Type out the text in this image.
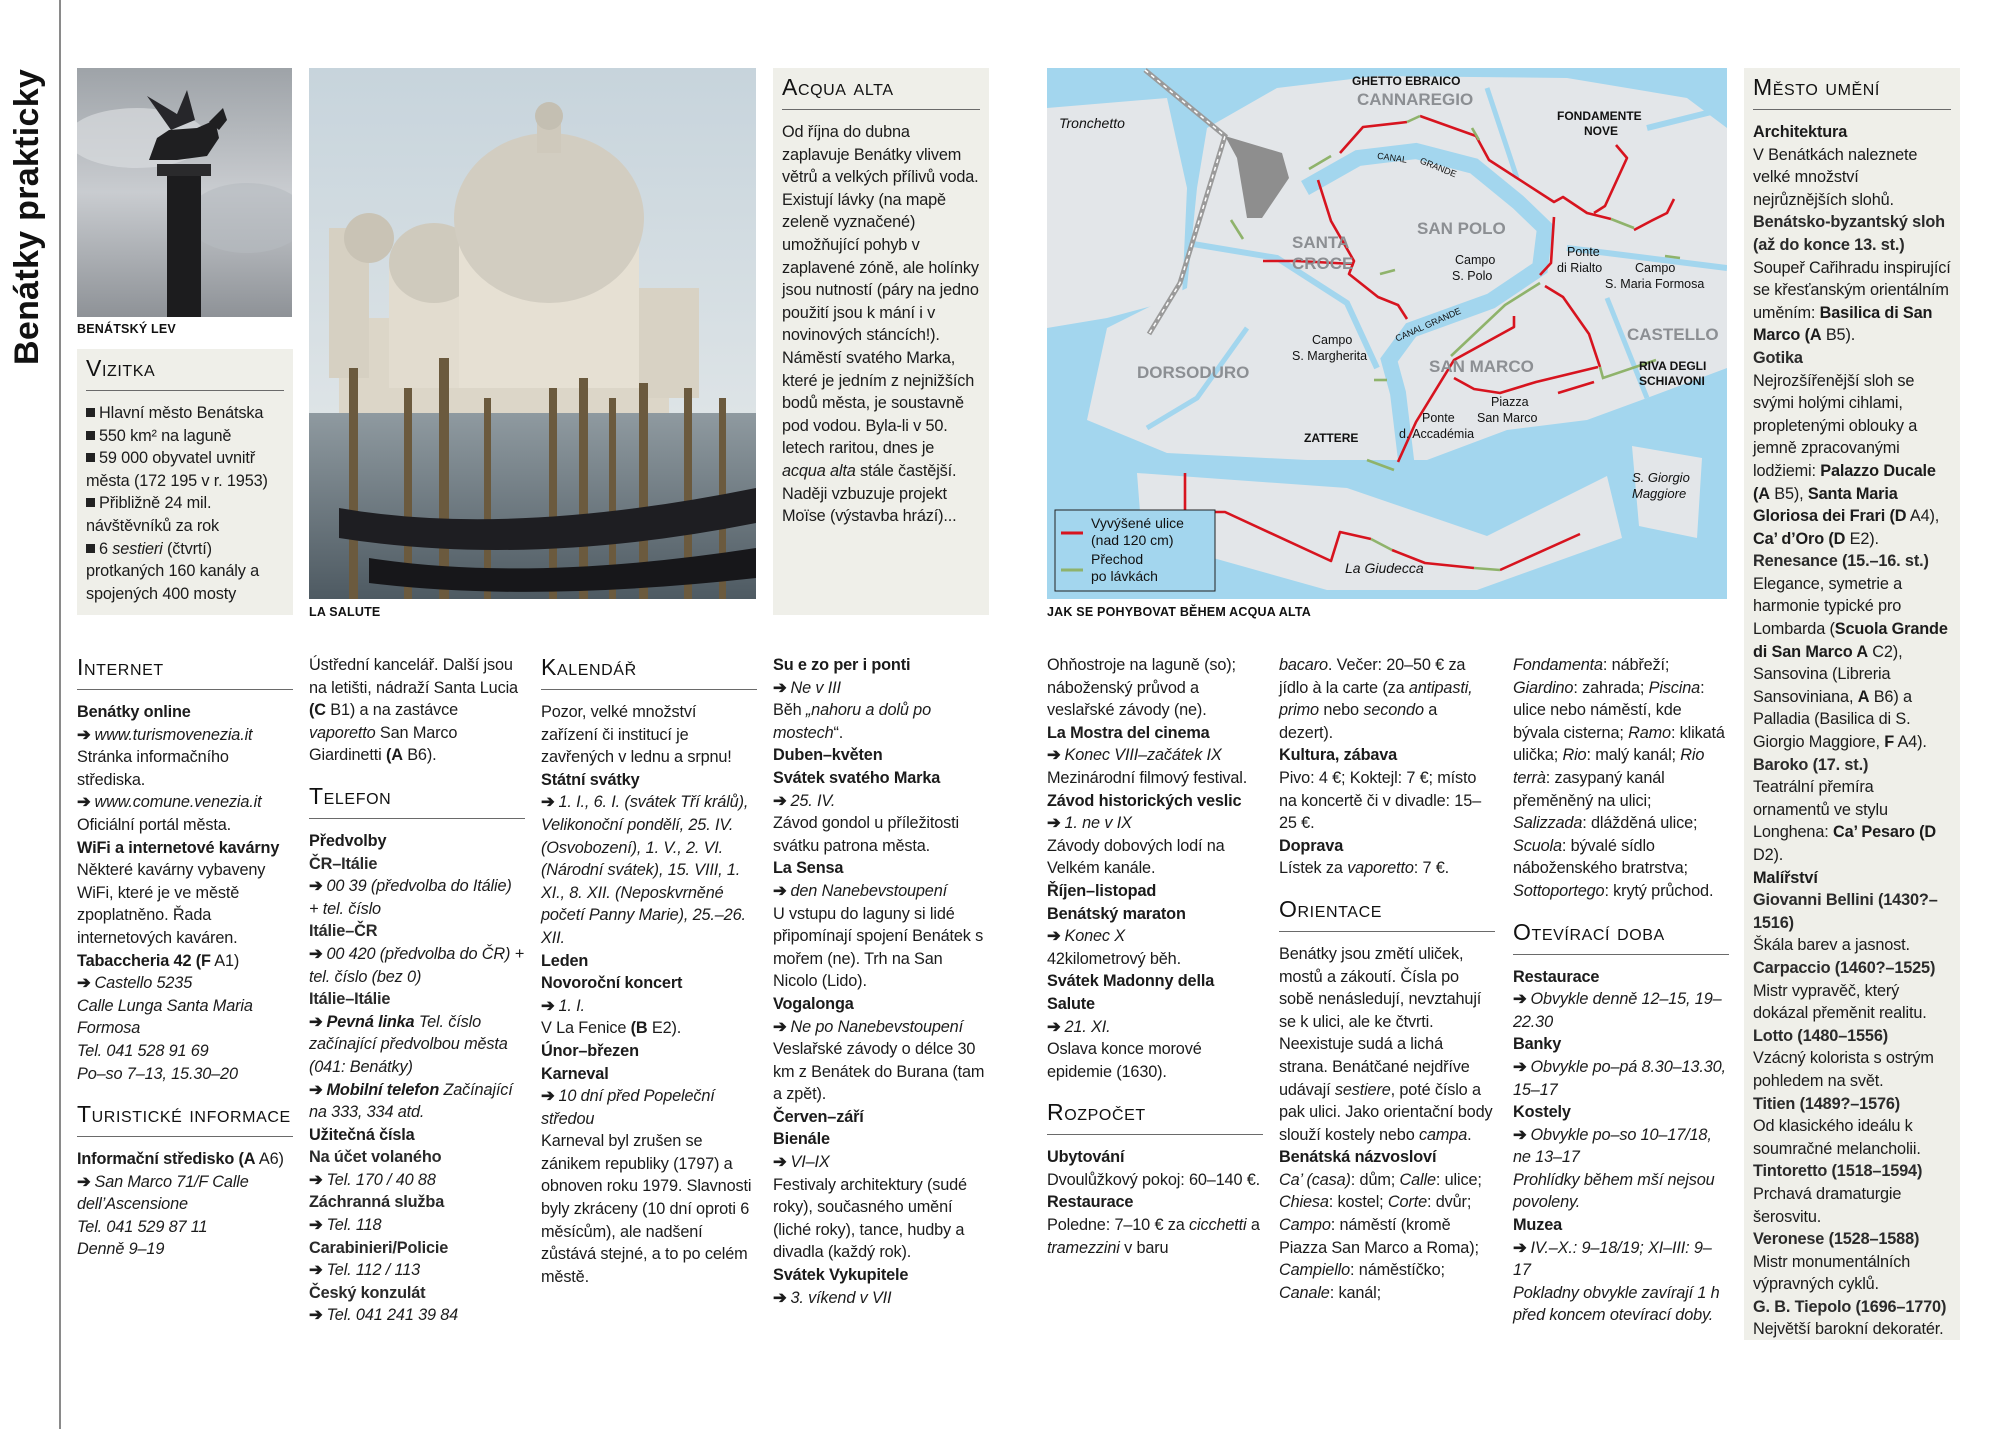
Benátky prakticky BENÁTSKÝ LEV
Vizitka
Hlavní město Benátska
550 km² na laguně
59 000 obyvatel uvnitř města (172 195 v r. 1953)
Přibližně 24 mil. návštěvníků za rok
6 sestieri (čtvrtí) protkaných 160 kanály a spojených 400 mosty
LA SALUTE
Acqua alta
Od října do dubna zaplavuje Benátky vlivem větrů a velkých přílivů voda.
Existují lávky (na mapě zeleně vyznačené) umožňující pohyb v zaplavené zóně, ale holínky jsou nutností (páry na jedno použití jsou k mání i v novinových stáncích!).
Náměstí svatého Marka, které je jedním z nejnižších bodů města, je soustavně pod vodou. Byla-li v 50. letech raritou, dnes je acqua alta stále častější. Naději vzbuzuje projekt Moïse (výstavba hrází)...
GHETTO EBRAICO
CANNAREGIO
Tronchetto	FONDAMENTE
NOVE
CANAL GRANDE
SAN POLO
SANTA
CROCE	Campo
S. Polo
Ponte
di Rialto	Campo
S. Maria Formosa
CANAL GRANDE	CASTELLO
Campo
S. Margherita
DORSODURO	SAN MARCO	RIVA DEGLI
SCHIAVONI
Piazza
San Marco
Ponte
d. Accadémia
ZATTERE
S. Giorgio
Maggiore
La Giudecca
Vyvýšené ulice
(nad 120 cm)
Přechod
po lávkách
JAK SE POHYBOVAT BĚHEM ACQUA ALTA
Město umění
Architektura
V Benátkách naleznete velké množství nejrůznějších slohů.
Benátsko-byzantský sloh (až do konce 13. st.)
Soupeř Cařihradu inspirující se křesťanským orientálním uměním: Basilica di San Marco (A B5).
Gotika
Nejrozšířenější sloh se svými holými cihlami, propletenými oblouky a jemně zpracovanými lodžiemi: Palazzo Ducale (A B5), Santa Maria Gloriosa dei Frari (D A4), Ca’ d’Oro (D E2).
Renesance (15.–16. st.)
Elegance, symetrie a harmonie typické pro Lombarda (Scuola Grande di San Marco A C2), Sansovina (Libreria Sansoviniana, A B6) a Palladia (Basilica di S. Giorgio Maggiore, F A4).
Baroko (17. st.)
Teatrální přemíra ornamentů ve stylu Longhena: Ca’ Pesaro (D D2).
Malířství
Giovanni Bellini (1430?–1516)
Škála barev a jasnost.
Carpaccio (1460?–1525)
Mistr vypravěč, který dokázal přeměnit realitu.
Lotto (1480–1556)
Vzácný kolorista s ostrým pohledem na svět.
Titien (1489?–1576)
Od klasického ideálu k soumračné melancholii.
Tintoretto (1518–1594)
Prchavá dramaturgie šerosvitu.
Veronese (1528–1588)
Mistr monumentálních výpravných cyklů.
G. B. Tiepolo (1696–1770)
Největší barokní dekoratér.
Internet
Benátky online
➔ www.turismovenezia.it
Stránka informačního střediska.
➔ www.comune.venezia.it
Oficiální portál města.
WiFi a internetové kavárny
Některé kavárny vybaveny WiFi, které je ve městě zpoplatněno. Řada internetových kaváren.
Tabaccheria 42 (F A1)
➔ Castello 5235
Calle Lunga Santa Maria Formosa
Tel. 041 528 91 69
Po–so 7–13, 15.30–20
Turistické informace
Informační středisko (A A6)
➔ San Marco 71/F Calle dell’Ascensione
Tel. 041 529 87 11
Denně 9–19
Ústřední kancelář. Další jsou na letišti, nádraží Santa Lucia (C B1) a na zastávce vaporetto San Marco Giardinetti (A B6).
Telefon
Předvolby
ČR–Itálie
➔ 00 39 (předvolba do Itálie) + tel. číslo
Itálie–ČR
➔ 00 420 (předvolba do ČR) + tel. číslo (bez 0)
Itálie–Itálie
➔ Pevná linka Tel. číslo začínající předvolbou města (041: Benátky)
➔ Mobilní telefon Začínající na 333, 334 atd.
Užitečná čísla
Na účet volaného
➔ Tel. 170 / 40 88
Záchranná služba
➔ Tel. 118
Carabinieri/Policie
➔ Tel. 112 / 113
Český konzulát
➔ Tel. 041 241 39 84
Kalendář
Pozor, velké množství zařízení či institucí je zavřených v lednu a srpnu!
Státní svátky
➔ 1. I., 6. I. (svátek Tří králů), Velikonoční pondělí, 25. IV. (Osvobození), 1. V., 2. VI. (Národní svátek), 15. VIII, 1. XI., 8. XII. (Neposkvrněné početí Panny Marie), 25.–26. XII.
Leden
Novoroční koncert
➔ 1. I.
V La Fenice (B E2).
Únor–březen
Karneval
➔ 10 dní před Popeleční středou
Karneval byl zrušen se zánikem republiky (1797) a obnoven roku 1979. Slavnosti byly zkráceny (10 dní oproti 6 měsícům), ale nadšení zůstává stejné, a to po celém městě.
Su e zo per i ponti
➔ Ne v III
Běh „nahoru a dolů po mostech“.
Duben–květen
Svátek svatého Marka
➔ 25. IV.
Závod gondol u příležitosti svátku patrona města.
La Sensa
➔ den Nanebevstoupení
U vstupu do laguny si lidé připomínají spojení Benátek s mořem (ne). Trh na San Nicolo (Lido).
Vogalonga
➔ Ne po Nanebevstoupení
Veslařské závody o délce 30 km z Benátek do Burana (tam a zpět).
Červen–září
Bienále
➔ VI–IX
Festivaly architektury (sudé roky), současného umění (liché roky), tance, hudby a divadla (každý rok).
Svátek Vykupitele
➔ 3. víkend v VII
Ohňostroje na laguně (so); náboženský průvod a veslařské závody (ne).
La Mostra del cinema
➔ Konec VIII–začátek IX
Mezinárodní filmový festival.
Závod historických veslic
➔ 1. ne v IX
Závody dobových lodí na Velkém kanále.
Říjen–listopad
Benátský maraton
➔ Konec X
42kilometrový běh.
Svátek Madonny della Salute
➔ 21. XI.
Oslava konce morové epidemie (1630).
Rozpočet
Ubytování
Dvoulůžkový pokoj: 60–140 €.
Restaurace
Poledne: 7–10 € za cicchetti a tramezzini v baru
bacaro. Večer: 20–50 € za jídlo à la carte (za antipasti, primo nebo secondo a dezert).
Kultura, zábava
Pivo: 4 €; Koktejl: 7 €; místo na koncertě či v divadle: 15–25 €.
Doprava
Lístek za vaporetto: 7 €.
Orientace
Benátky jsou změtí uliček, mostů a zákoutí. Čísla po sobě nenásledují, nevztahují se k ulici, ale ke čtvrti. Neexistuje sudá a lichá strana. Benátčané nejdříve udávají sestiere, poté číslo a pak ulici. Jako orientační body slouží kostely nebo campa.
Benátská názvosloví
Ca’ (casa): dům; Calle: ulice; Chiesa: kostel; Corte: dvůr; Campo: náměstí (kromě Piazza San Marco a Roma); Campiello: náměstíčko; Canale: kanál;
Fondamenta: nábřeží; Giardino: zahrada; Piscina: ulice nebo náměstí, kde bývala cisterna; Ramo: klikatá ulička; Rio: malý kanál; Rio terrà: zasypaný kanál přeměněný na ulici; Salizzada: dlážděná ulice; Scuola: bývalé sídlo náboženského bratrstva; Sottoportego: krytý průchod.
Otevírací doba
Restaurace
➔ Obvykle denně 12–15, 19–22.30
Banky
➔ Obvykle po–pá 8.30–13.30, 15–17
Kostely
➔ Obvykle po–so 10–17/18, ne 13–17
Prohlídky během mší nejsou povoleny.
Muzea
➔ IV.–X.: 9–18/19; XI–III: 9–17
Pokladny obvykle zavírají 1 h před koncem otevírací doby.
